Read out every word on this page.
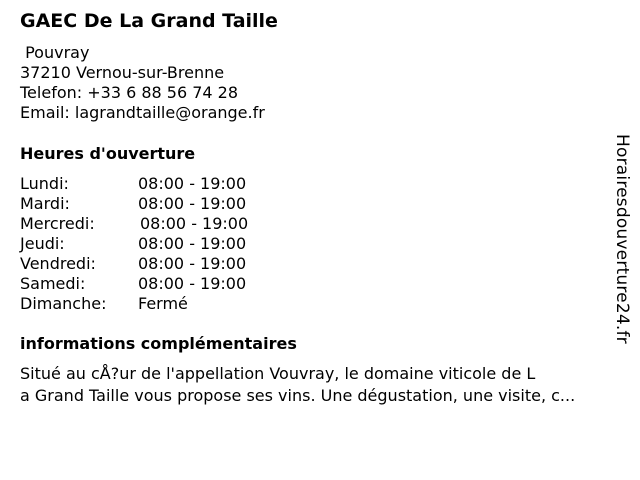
GAEC De La Grand Taille
Pouvray
37210 Vernou-sur-Brenne
Telefon: +33 6 88 56 74 28
Email: lagrandtaille@orange.fr
Heures d'ouverture
Lundi:	08:00 - 19:00
Mardi:	08:00 - 19:00
Mercredi:	08:00 - 19:00
Jeudi:	08:00 - 19:00
Vendredi:	08:00 - 19:00
Samedi:	08:00 - 19:00
Dimanche:	Fermé
informations complémentaires
Situé au cÅ?ur de l'appellation Vouvray, le domaine viticole de L
a Grand Taille vous propose ses vins. Une dégustation, une visite, c...
Horairesdouverture24.fr
